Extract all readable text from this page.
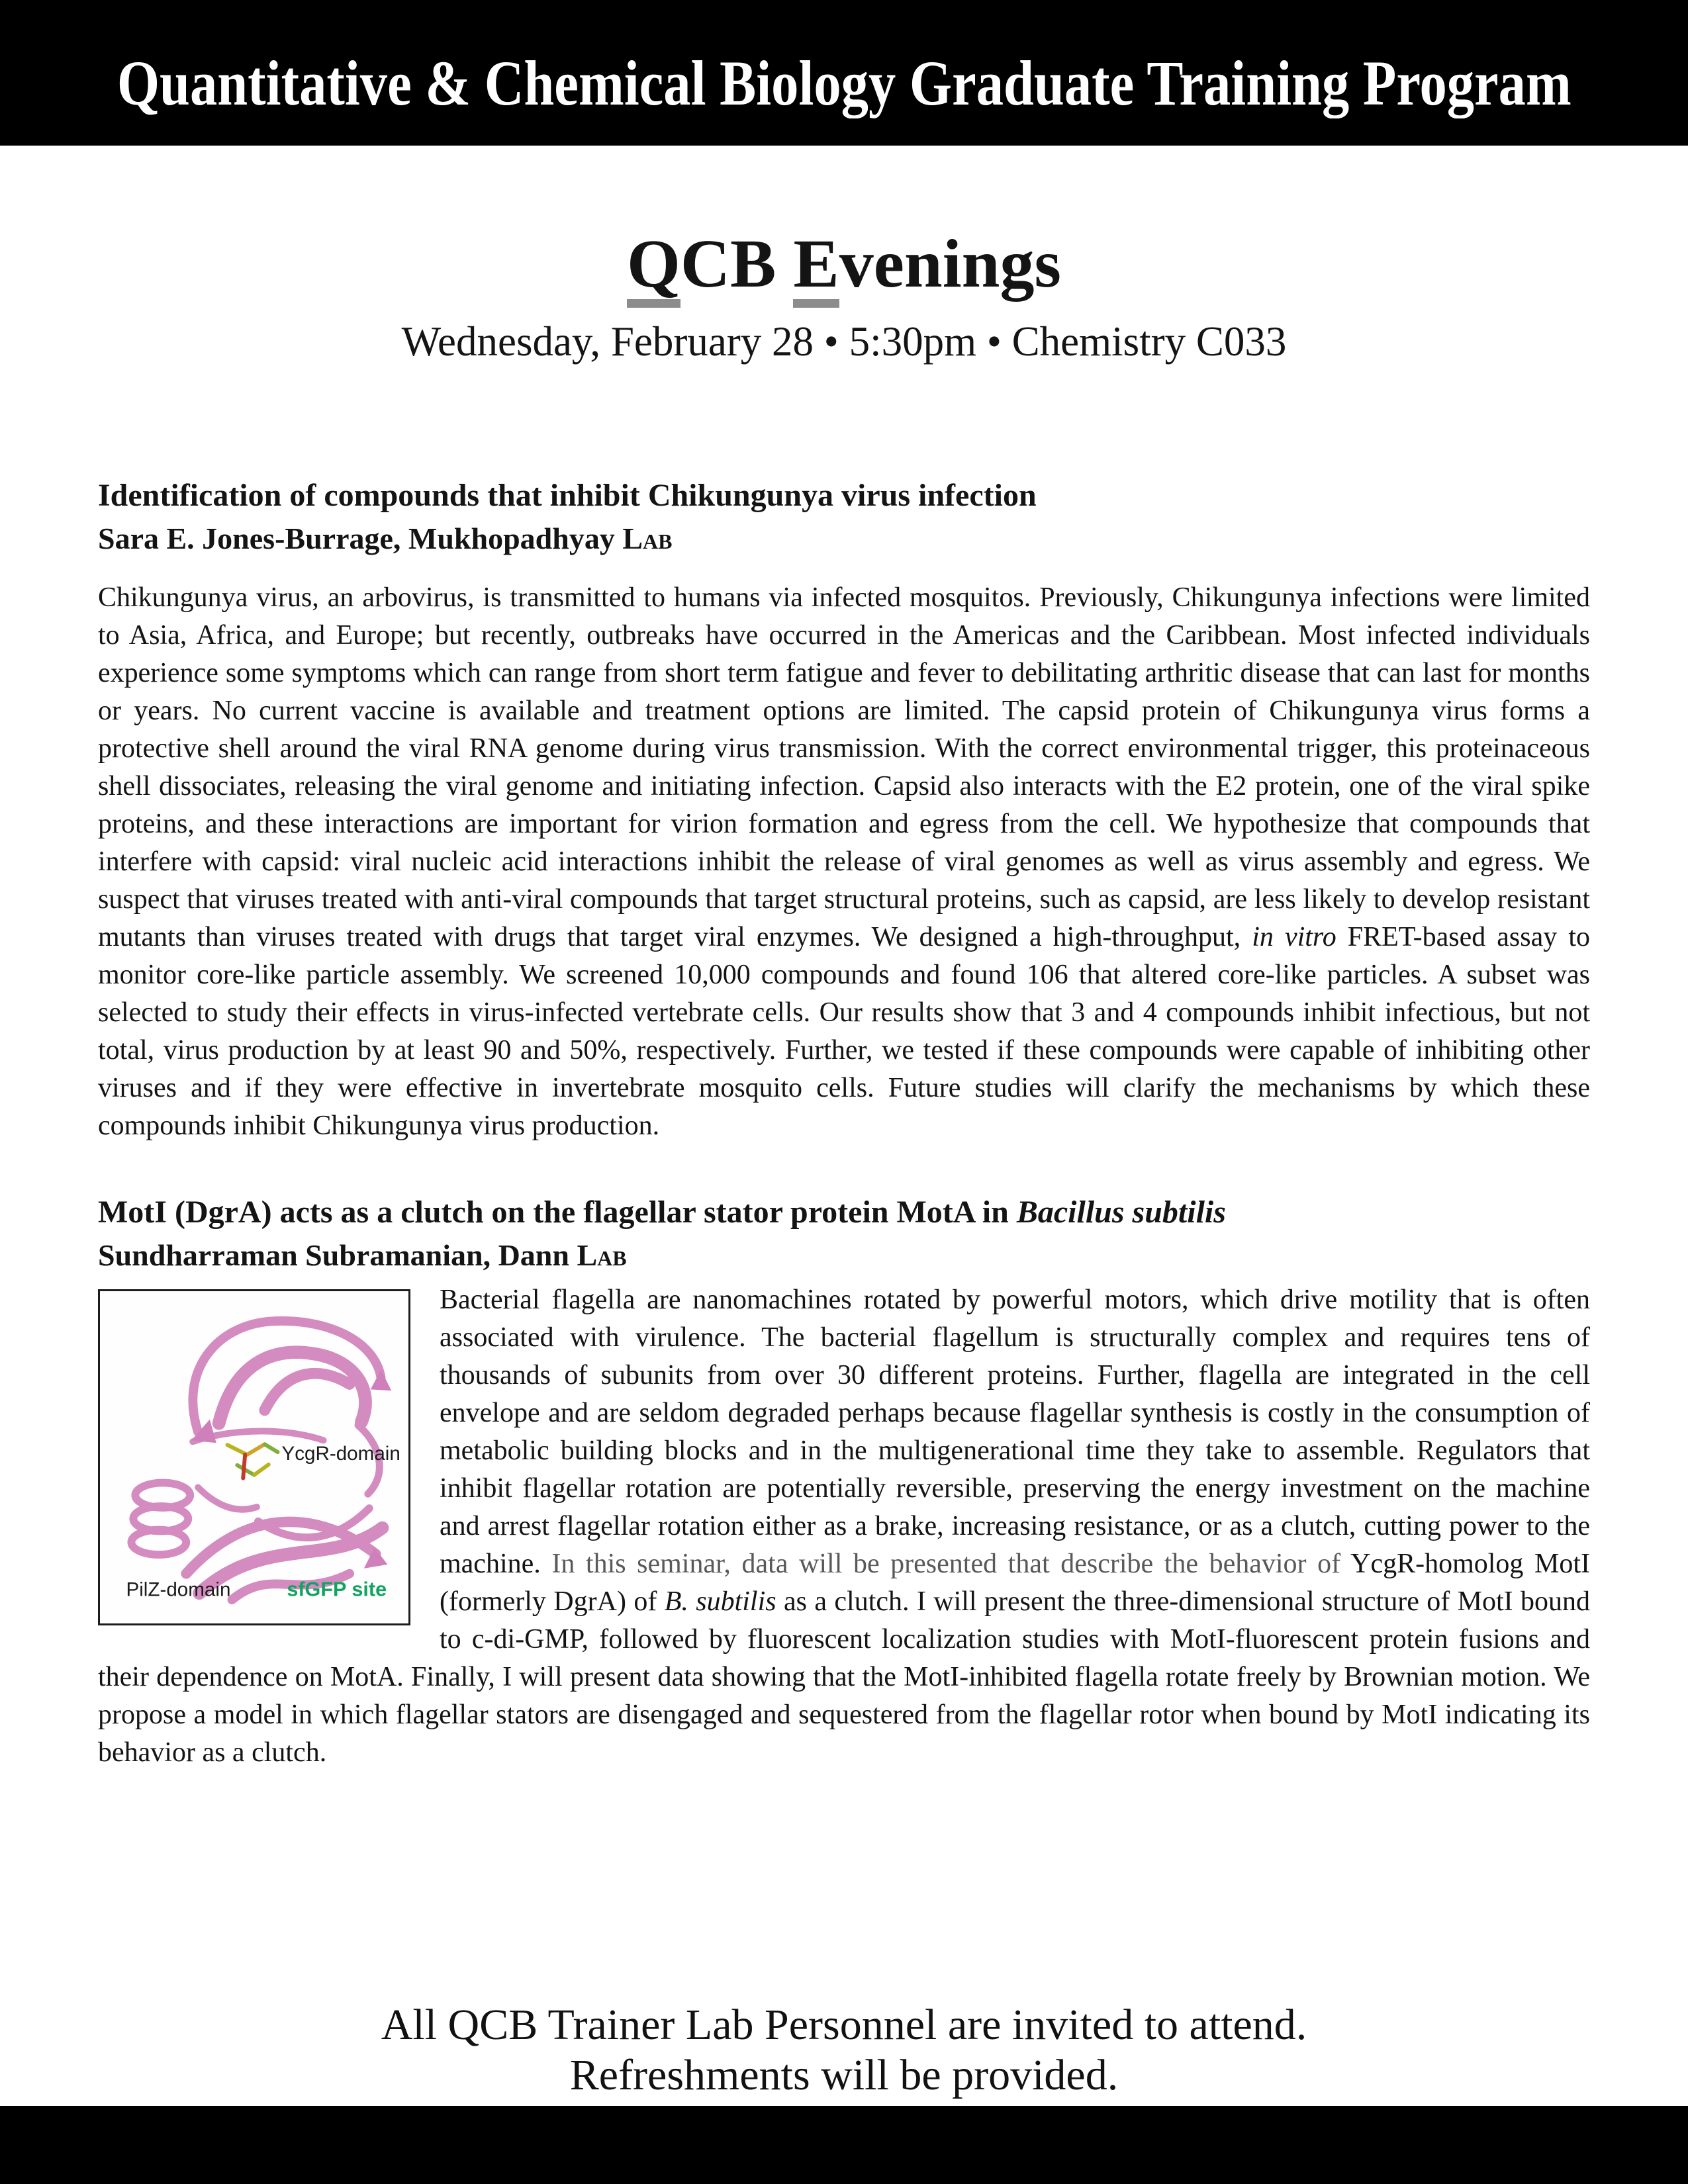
Quantitative & Chemical Biology Graduate Training Program
QCB Evenings
Wednesday, February 28 • 5:30pm • Chemistry C033
Identification of compounds that inhibit Chikungunya virus infection
Sara E. Jones-Burrage, Mukhopadhyay Lab

Chikungunya virus, an arbovirus, is transmitted to humans via infected mosquitos. Previously, Chikungunya infections were limited to Asia, Africa, and Europe; but recently, outbreaks have occurred in the Americas and the Caribbean. Most infected individuals experience some symptoms which can range from short term fatigue and fever to debilitating arthritic disease that can last for months or years. No current vaccine is available and treatment options are limited. The capsid protein of Chikungunya virus forms a protective shell around the viral RNA genome during virus transmission. With the correct environmental trigger, this proteinaceous shell dissociates, releasing the viral genome and initiating infection. Capsid also interacts with the E2 protein, one of the viral spike proteins, and these interactions are important for virion formation and egress from the cell. We hypothesize that compounds that interfere with capsid: viral nucleic acid interactions inhibit the release of viral genomes as well as virus assembly and egress. We suspect that viruses treated with anti-viral compounds that target structural proteins, such as capsid, are less likely to develop resistant mutants than viruses treated with drugs that target viral enzymes. We designed a high-throughput, in vitro FRET-based assay to monitor core-like particle assembly. We screened 10,000 compounds and found 106 that altered core-like particles. A subset was selected to study their effects in virus-infected vertebrate cells. Our results show that 3 and 4 compounds inhibit infectious, but not total, virus production by at least 90 and 50%, respectively. Further, we tested if these compounds were capable of inhibiting other viruses and if they were effective in invertebrate mosquito cells. Future studies will clarify the mechanisms by which these compounds inhibit Chikungunya virus production.

MotI (DgrA) acts as a clutch on the flagellar stator protein MotA in Bacillus subtilis
Sundharraman Subramanian, Dann Lab
YcgR-domain
PilZ-domain	sfGFP site

Bacterial flagella are nanomachines rotated by powerful motors, which drive motility that is often associated with virulence. The bacterial flagellum is structurally complex and requires tens of thousands of subunits from over 30 different proteins. Further, flagella are integrated in the cell envelope and are seldom degraded perhaps because flagellar synthesis is costly in the consumption of metabolic building blocks and in the multigenerational time they take to assemble. Regulators that inhibit flagellar rotation are potentially reversible, preserving the energy investment on the machine and arrest flagellar rotation either as a brake, increasing resistance, or as a clutch, cutting power to the machine. In this seminar, data will be presented that describe the behavior of YcgR-homolog MotI (formerly DgrA) of B. subtilis as a clutch. I will present the three-dimensional structure of MotI bound to c-di-GMP, followed by fluorescent localization studies with MotI-fluorescent protein fusions and their dependence on MotA. Finally, I will present data showing that the MotI-inhibited flagella rotate freely by Brownian motion. We propose a model in which flagellar stators are disengaged and sequestered from the flagellar rotor when bound by MotI indicating its behavior as a clutch.

All QCB Trainer Lab Personnel are invited to attend.
Refreshments will be provided.
